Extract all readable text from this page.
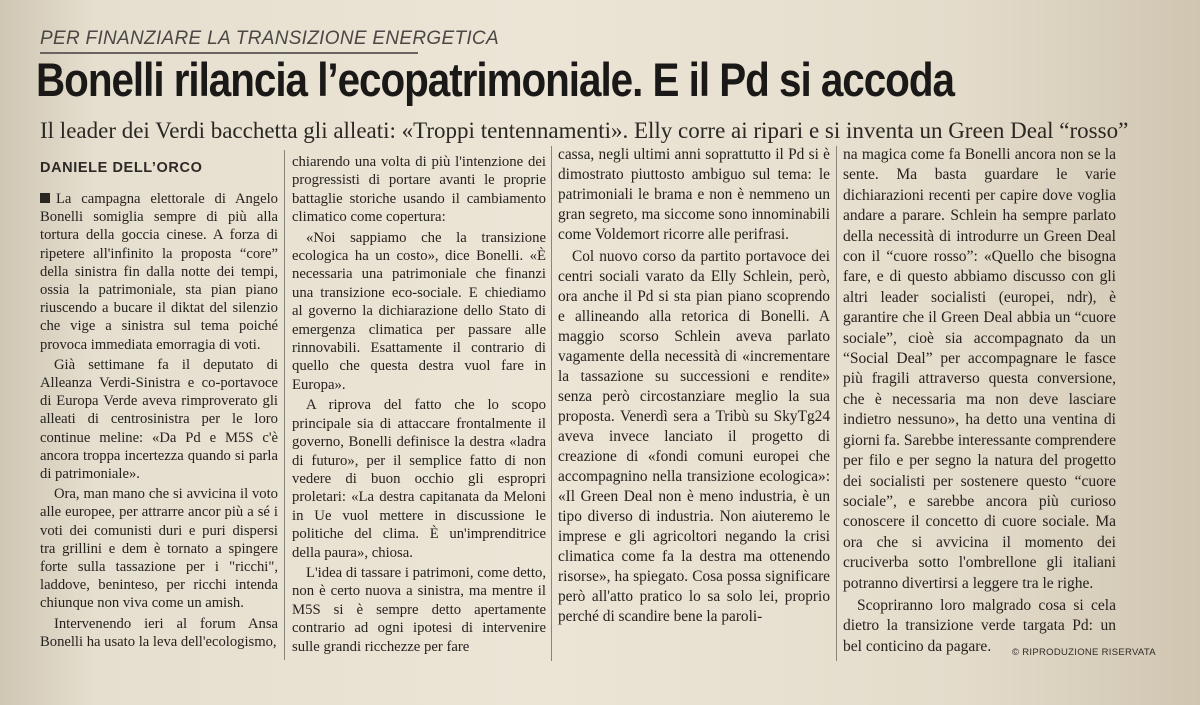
PER FINANZIARE LA TRANSIZIONE ENERGETICA
Bonelli rilancia l’ecopatrimoniale. E il Pd si accoda
Il leader dei Verdi bacchetta gli alleati: «Troppi tentennamenti». Elly corre ai ripari e si inventa un Green Deal “rosso”
DANIELE DELL’ORCO

La campagna elettorale di Angelo Bonelli somiglia sempre di più alla tortura della goccia cinese. A forza di ripetere all'infinito la proposta “core” della sinistra fin dalla notte dei tempi, ossia la patrimoniale, sta pian piano riuscendo a bucare il diktat del silenzio che vige a sinistra sul tema poiché provoca immediata emorragia di voti.

Già settimane fa il deputato di Alleanza Verdi-Sinistra e co-portavoce di Europa Verde aveva rimproverato gli alleati di centrosinistra per le loro continue meline: «Da Pd e M5S c'è ancora troppa incertezza quando si parla di patrimoniale».

Ora, man mano che si avvicina il voto alle europee, per attrarre ancor più a sé i voti dei comunisti duri e puri dispersi tra grillini e dem è tornato a spingere forte sulla tassazione per i "ricchi", laddove, beninteso, per ricchi intenda chiunque non viva come un amish.

Intervenendo ieri al forum Ansa Bonelli ha usato la leva dell'ecologismo,

chiarendo una volta di più l'intenzione dei progressisti di portare avanti le proprie battaglie storiche usando il cambiamento climatico come copertura:

«Noi sappiamo che la transizione ecologica ha un costo», dice Bonelli. «È necessaria una patrimoniale che finanzi una transizione eco-sociale. E chiediamo al governo la dichiarazione dello Stato di emergenza climatica per passare alle rinnovabili. Esattamente il contrario di quello che questa destra vuol fare in Europa».

A riprova del fatto che lo scopo principale sia di attaccare frontalmente il governo, Bonelli definisce la destra «ladra di futuro», per il semplice fatto di non vedere di buon occhio gli espropri proletari: «La destra capitanata da Meloni in Ue vuol mettere in discussione le politiche del clima. È un'imprenditrice della paura», chiosa.

L'idea di tassare i patrimoni, come detto, non è certo nuova a sinistra, ma mentre il M5S si è sempre detto apertamente contrario ad ogni ipotesi di intervenire sulle grandi ricchezze per fare

cassa, negli ultimi anni soprattutto il Pd si è dimostrato piuttosto ambiguo sul tema: le patrimoniali le brama e non è nemmeno un gran segreto, ma siccome sono innominabili come Voldemort ricorre alle perifrasi.

Col nuovo corso da partito portavoce dei centri sociali varato da Elly Schlein, però, ora anche il Pd si sta pian piano scoprendo e allineando alla retorica di Bonelli. A maggio scorso Schlein aveva parlato vagamente della necessità di «incrementare la tassazione su successioni e rendite» senza però circostanziare meglio la sua proposta. Venerdì sera a Tribù su SkyTg24 aveva invece lanciato il progetto di creazione di «fondi comuni europei che accompagnino nella transizione ecologica»: «Il Green Deal non è meno industria, è un tipo diverso di industria. Non aiuteremo le imprese e gli agricoltori negando la crisi climatica come fa la destra ma ottenendo risorse», ha spiegato. Cosa possa significare però all'atto pratico lo sa solo lei, proprio perché di scandire bene la paroli-

na magica come fa Bonelli ancora non se la sente. Ma basta guardare le varie dichiarazioni recenti per capire dove voglia andare a parare. Schlein ha sempre parlato della necessità di introdurre un Green Deal con il “cuore rosso”: «Quello che bisogna fare, e di questo abbiamo discusso con gli altri leader socialisti (europei, ndr), è garantire che il Green Deal abbia un “cuore sociale”, cioè sia accompagnato da un “Social Deal” per accompagnare le fasce più fragili attraverso questa conversione, che è necessaria ma non deve lasciare indietro nessuno», ha detto una ventina di giorni fa. Sarebbe interessante comprendere per filo e per segno la natura del progetto dei socialisti per sostenere questo “cuore sociale”, e sarebbe ancora più curioso conoscere il concetto di cuore sociale. Ma ora che si avvicina il momento dei cruciverba sotto l'ombrellone gli italiani potranno divertirsi a leggere tra le righe.

Scopriranno loro malgrado cosa si cela dietro la transizione verde targata Pd: un bel conticino da pagare.	© RIPRODUZIONE RISERVATA
